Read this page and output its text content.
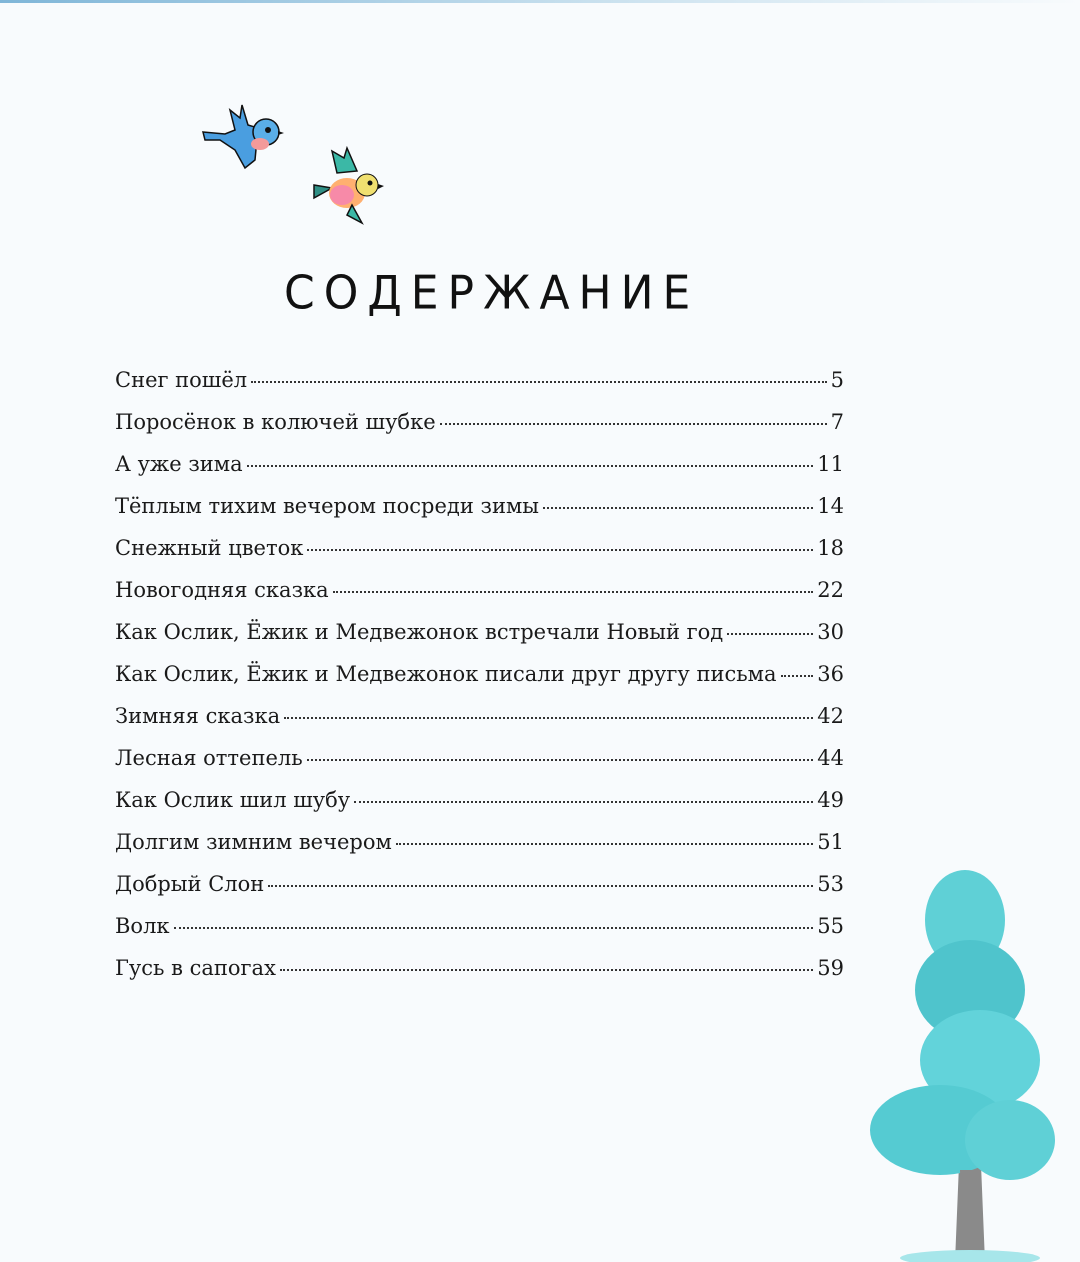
СОДЕРЖАНИЕ
Снег пошёл	5
Поросёнок в колючей шубке	7
А уже зима	11
Тёплым тихим вечером посреди зимы	14
Снежный цветок	18
Новогодняя сказка	22
Как Ослик, Ёжик и Медвежонок встречали Новый год	30
Как Ослик, Ёжик и Медвежонок писали друг другу письма 36
Зимняя сказка	42
Лесная оттепель	44
Как Ослик шил шубу	49
Долгим зимним вечером	51
Добрый Слон	53
Волк	55
Гусь в сапогах	59
